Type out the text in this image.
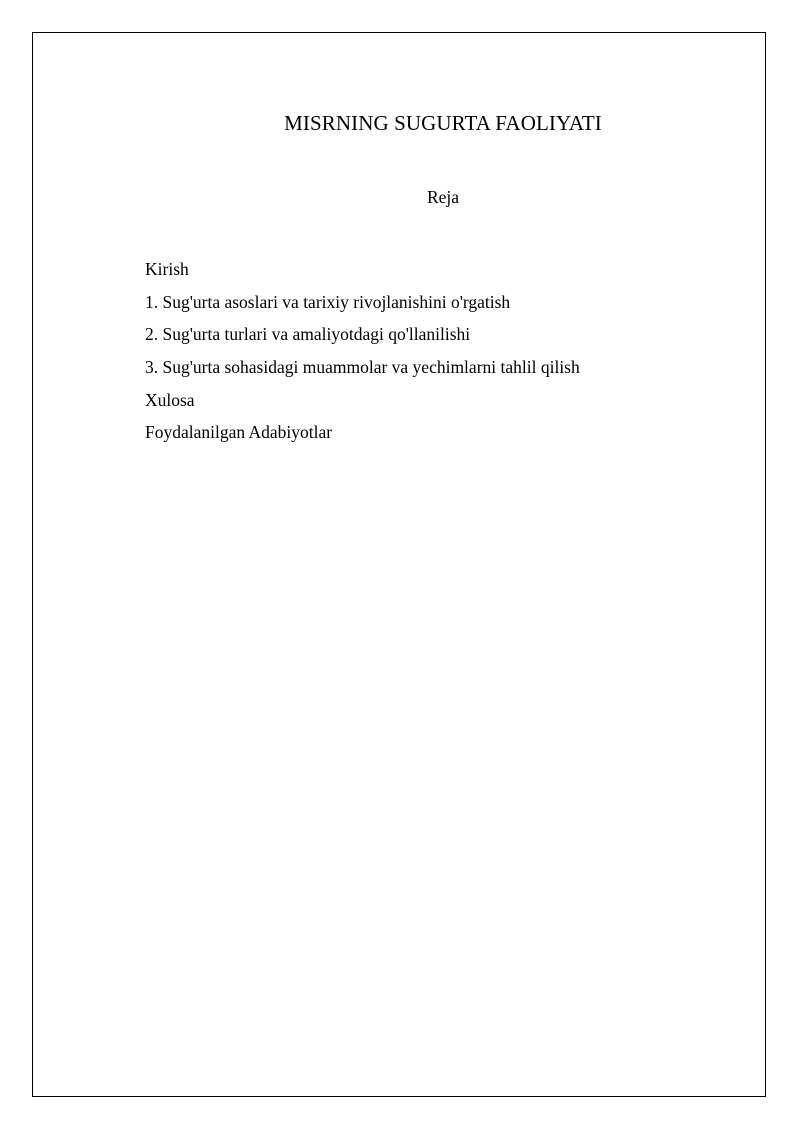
MISRNING SUGURTA FAOLIYATI
Reja
Kirish
1. Sug'urta asoslari va tarixiy rivojlanishini o'rgatish
2. Sug'urta turlari va amaliyotdagi qo'llanilishi
3. Sug'urta sohasidagi muammolar va yechimlarni tahlil qilish
Xulosa
Foydalanilgan Adabiyotlar
